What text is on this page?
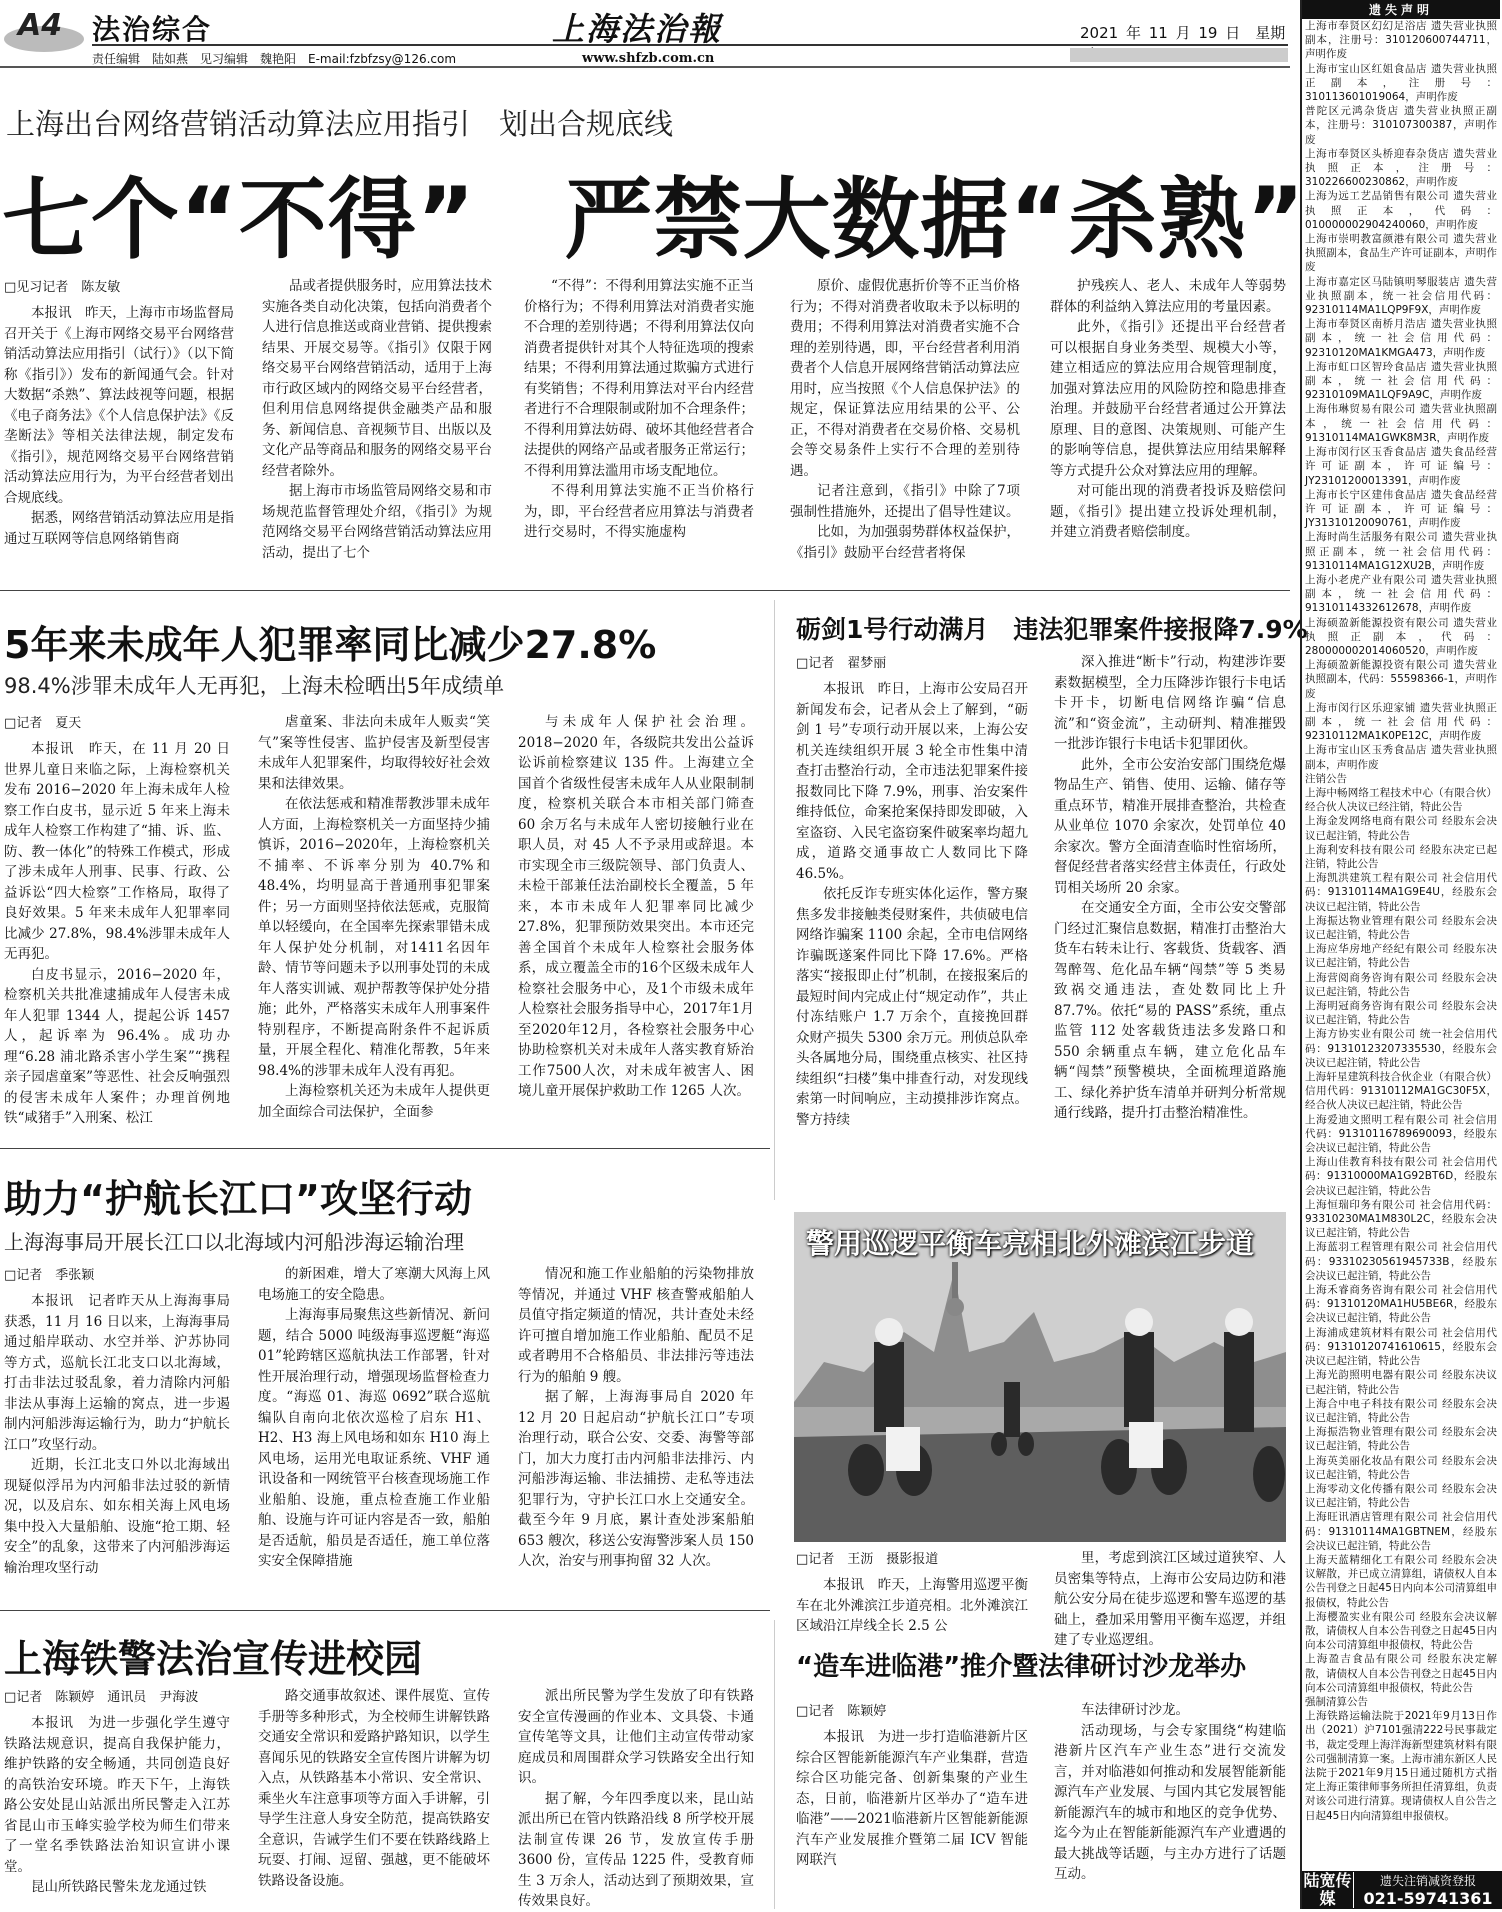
A4 法治综合
责任编辑　陆如燕　见习编辑　魏艳阳　E-mail:fzbfzsy@126.com
上海法治報
www.shfzb.com.cn
2021 年 11 月 19 日　星期
上海出台网络营销活动算法应用指引　划出合规底线
七个“不得”　严禁大数据“杀熟”

□见习记者　陈友敏

本报讯　昨天，上海市市场监督局召开关于《上海市网络交易平台网络营销活动算法应用指引（试行）》（以下简称《指引》）发布的新闻通气会。针对大数据“杀熟”、算法歧视等问题，根据《电子商务法》《个人信息保护法》《反垄断法》等相关法律法规，制定发布《指引》，规范网络交易平台网络营销活动算法应用行为，为平台经营者划出合规底线。

据悉，网络营销活动算法应用是指通过互联网等信息网络销售商

品或者提供服务时，应用算法技术实施各类自动化决策，包括向消费者个人进行信息推送或商业营销、提供搜索结果、开展交易等。《指引》仅限于网络交易平台网络营销活动，适用于上海市行政区域内的网络交易平台经营者，但利用信息网络提供金融类产品和服务、新闻信息、音视频节目、出版以及文化产品等商品和服务的网络交易平台经营者除外。

据上海市市场监管局网络交易和市场规范监督管理处介绍，《指引》为规范网络交易平台网络营销活动算法应用活动，提出了七个

“不得”：不得利用算法实施不正当价格行为；不得利用算法对消费者实施不合理的差别待遇；不得利用算法仅向消费者提供针对其个人特征选项的搜索结果；不得利用算法通过欺骗方式进行有奖销售；不得利用算法对平台内经营者进行不合理限制或附加不合理条件；不得利用算法妨碍、破坏其他经营者合法提供的网络产品或者服务正常运行；不得利用算法滥用市场支配地位。

不得利用算法实施不正当价格行为，即，平台经营者应用算法与消费者进行交易时，不得实施虚构

原价、虚假优惠折价等不正当价格行为；不得对消费者收取未予以标明的费用；不得利用算法对消费者实施不合理的差别待遇，即，平台经营者利用消费者个人信息开展网络营销活动算法应用时，应当按照《个人信息保护法》的规定，保证算法应用结果的公平、公正，不得对消费者在交易价格、交易机会等交易条件上实行不合理的差别待遇。

记者注意到，《指引》中除了7项强制性措施外，还提出了倡导性建议。

比如，为加强弱势群体权益保护，《指引》鼓励平台经营者将保

护残疾人、老人、未成年人等弱势群体的利益纳入算法应用的考量因素。

此外，《指引》还提出平台经营者可以根据自身业务类型、规模大小等，建立相适应的算法应用合规管理制度，加强对算法应用的风险防控和隐患排查治理。并鼓励平台经营者通过公开算法原理、目的意图、决策规则、可能产生的影响等信息，提供算法应用结果解释等方式提升公众对算法应用的理解。

对可能出现的消费者投诉及赔偿问题，《指引》提出建立投诉处理机制，并建立消费者赔偿制度。

5年来未成年人犯罪率同比减少27.8%
98.4%涉罪未成年人无再犯，上海未检晒出5年成绩单

□记者　夏天

本报讯　昨天，在 11 月 20 日世界儿童日来临之际，上海检察机关发布 2016−2020 年上海未成年人检察工作白皮书，显示近 5 年来上海未成年人检察工作构建了“捕、诉、监、防、教一体化”的特殊工作模式，形成了涉未成年人刑事、民事、行政、公益诉讼“四大检察”工作格局，取得了良好效果。5 年来未成年人犯罪率同比减少 27.8%，98.4%涉罪未成年人无再犯。

白皮书显示，2016−2020 年，检察机关共批准逮捕成年人侵害未成年人犯罪 1344 人，提起公诉 1457 人，起诉率为 96.4%。成功办理“6.28 浦北路杀害小学生案”“携程亲子园虐童案”等恶性、社会反响强烈的侵害未成年人案件；办理首例地铁“咸猪手”入刑案、松江

虐童案、非法向未成年人贩卖“笑气”案等性侵害、监护侵害及新型侵害未成年人犯罪案件，均取得较好社会效果和法律效果。

在依法惩戒和精准帮教涉罪未成年人方面，上海检察机关一方面坚持少捕慎诉，2016−2020年，上海检察机关不捕率、不诉率分别为 40.7%和48.4%，均明显高于普通刑事犯罪案件；另一方面则坚持依法惩戒，克服简单以轻缓向，在全国率先探索罪错未成年人保护处分机制，对1411名因年龄、情节等问题未予以刑事处罚的未成年人落实训诫、观护帮教等保护处分措施；此外，严格落实未成年人刑事案件特别程序，不断提高附条件不起诉质量，开展全程化、精准化帮教，5年来 98.4%的涉罪未成年人没有再犯。

上海检察机关还为未成年人提供更加全面综合司法保护，全面参

与未成年人保护社会治理。2018−2020 年，各级院共发出公益诉讼诉前检察建议 135 件。上海建立全国首个省级性侵害未成年人从业限制制度，检察机关联合本市相关部门筛查 60 余万名与未成年人密切接触行业在职人员，对 45 人不予录用或辞退。本市实现全市三级院领导、部门负责人、未检干部兼任法治副校长全覆盖，5 年来，本市未成年人犯罪率同比减少 27.8%，犯罪预防效果突出。本市还完善全国首个未成年人检察社会服务体系，成立覆盖全市的16个区级未成年人检察社会服务中心，及1个市级未成年人检察社会服务指导中心，2017年1月至2020年12月，各检察社会服务中心协助检察机关对未成年人落实教育矫治工作7500人次，对未成年被害人、困境儿童开展保护救助工作 1265 人次。

砺剑1号行动满月　违法犯罪案件接报降7.9%

□记者　翟梦丽

本报讯　昨日，上海市公安局召开新闻发布会，记者从会上了解到，“砺剑 1 号”专项行动开展以来，上海公安机关连续组织开展 3 轮全市性集中清查打击整治行动，全市违法犯罪案件接报数同比下降 7.9%，刑事、治安案件维持低位，命案抢案保持即发即破，入室盗窃、入民宅盗窃案件破案率均超九成，道路交通事故亡人数同比下降 46.5%。

依托反诈专班实体化运作，警方聚焦多发非接触类侵财案件，共侦破电信网络诈骗案 1100 余起，全市电信网络诈骗既遂案件同比下降 17.6%。严格落实“接报即止付”机制，在接报案后的最短时间内完成止付“规定动作”，共止付冻结账户 1.7 万余个，直接挽回群众财产损失 5300 余万元。刑侦总队牵头各属地分局，围绕重点核实、社区持续组织“扫楼”集中排查行动，对发现线索第一时间响应，主动摸排涉诈窝点。警方持续

深入推进“断卡”行动，构建涉诈要素数据模型，全力压降涉诈银行卡电话卡开卡，切断电信网络诈骗“信息流”和“资金流”，主动研判、精准摧毁一批涉诈银行卡电话卡犯罪团伙。

此外，全市公安治安部门围绕危爆物品生产、销售、使用、运输、储存等重点环节，精准开展排查整治，共检查从业单位 1070 余家次，处罚单位 40 余家次。警方全面清查临时性宿场所，督促经营者落实经营主体责任，行政处罚相关场所 20 余家。

在交通安全方面，全市公安交警部门经过汇聚信息数据，精准打击整治大货车右转未让行、客载货、货载客、酒驾醉驾、危化品车辆“闯禁”等 5 类易致祸交通违法，查处数同比上升 87.7%。依托“易的 PASS”系统，重点监管 112 处客载货违法多发路口和 550 余辆重点车辆，建立危化品车辆“闯禁”预警模块，全面梳理道路施工、绿化养护货车清单并研判分析常规通行线路，提升打击整治精准性。

助力“护航长江口”攻坚行动
上海海事局开展长江口以北海域内河船涉海运输治理

□记者　季张颖

本报讯　记者昨天从上海海事局获悉，11 月 16 日以来，上海海事局通过船岸联动、水空并举、沪苏协同等方式，巡航长江北支口以北海域，打击非法过驳乱象，着力清除内河船非法从事海上运输的窝点，进一步遏制内河船涉海运输行为，助力“护航长江口”攻坚行动。

近期，长江北支口外以北海域出现疑似浮吊为内河船非法过驳的新情况，以及启东、如东相关海上风电场集中投入大量船舶、设施“抢工期、轻安全”的乱象，这带来了内河船涉海运输治理攻坚行动

的新困难，增大了寒潮大风海上风电场施工的安全隐患。

上海海事局聚焦这些新情况、新问题，结合 5000 吨级海事巡逻艇“海巡 01”轮跨辖区巡航执法工作部署，针对性开展治理行动，增强现场监督检查力度。“海巡 01、海巡 0692”联合巡航编队自南向北依次巡检了启东 H1、H2、H3 海上风电场和如东 H10 海上风电场，运用光电取证系统、VHF 通讯设备和一网统管平台核查现场施工作业船舶、设施，重点检查施工作业船舶、设施与许可证内容是否一致，船舶是否适航，船员是否适任，施工单位落实安全保障措施

情况和施工作业船舶的污染物排放等情况，并通过 VHF 核查警戒船舶人员值守指定频道的情况，共计查处未经许可擅自增加施工作业船舶、配员不足或者聘用不合格船员、非法排污等违法行为的船舶 9 艘。

据了解，上海海事局自 2020 年 12 月 20 日起启动“护航长江口”专项治理行动，联合公安、交委、海警等部门，加大力度打击内河船非法排污、内河船涉海运输、非法捕捞、走私等违法犯罪行为，守护长江口水上交通安全。截至今年 9 月底，累计查处涉案船舶 653 艘次，移送公安海警涉案人员 150 人次，治安与刑事拘留 32 人次。

警用巡逻平衡车亮相北外滩滨江步道

□记者　王沥　摄影报道

本报讯　昨天，上海警用巡逻平衡车在北外滩滨江步道亮相。北外滩滨江区域沿江岸线全长 2.5 公

里，考虑到滨江区域过道狭窄、人员密集等特点，上海市公安局边防和港航公安分局在徒步巡逻和警车巡逻的基础上，叠加采用警用平衡车巡逻，并组建了专业巡逻组。

上海铁警法治宣传进校园

□记者　陈颖婷　通讯员　尹海波

本报讯　为进一步强化学生遵守铁路法规意识，提高自我保护能力，维护铁路的安全畅通，共同创造良好的高铁治安环境。昨天下午，上海铁路公安处昆山站派出所民警走入江苏省昆山市玉峰实验学校为师生们带来了一堂名季铁路法治知识宣讲小课堂。

昆山所铁路民警朱龙龙通过铁

路交通事故叙述、课件展览、宣传手册等多种形式，为全校师生讲解铁路交通安全常识和爱路护路知识，以学生喜闻乐见的铁路安全宣传图片讲解为切入点，从铁路基本小常识、安全常识、乘坐火车注意事项等方面入手讲解，引导学生注意人身安全防范，提高铁路安全意识，告诫学生们不要在铁路线路上玩耍、打闹、逗留、强越，更不能破坏铁路设备设施。

派出所民警为学生发放了印有铁路安全宣传漫画的作业本、文具袋、卡通宣传笔等文具，让他们主动宣传带动家庭成员和周围群众学习铁路安全出行知识。

据了解，今年四季度以来，昆山站派出所已在管内铁路沿线 8 所学校开展法制宣传课 26 节，发放宣传手册 3600 份，宣传品 1225 件，受教育师生 3 万余人，活动达到了预期效果，宣传效果良好。

“造车进临港”推介暨法律研讨沙龙举办

□记者　陈颖婷

本报讯　为进一步打造临港新片区综合区智能新能源汽车产业集群，营造综合区功能完备、创新集聚的产业生态，日前，临港新片区举办了“造车进临港”——2021临港新片区智能新能源汽车产业发展推介暨第二届 ICV 智能网联汽

车法律研讨沙龙。

活动现场，与会专家围绕“构建临港新片区汽车产业生态”进行交流发言，并对临港如何推动和发展智能新能源汽车产业发展、与国内其它发展智能新能源汽车的城市和地区的竞争优势、迄今为止在智能新能源汽车产业遭遇的最大挑战等话题，与主办方进行了话题互动。

遗失声明
上海市奉贤区幻幻足浴店 遗失营业执照副本，注册号：310120600744711，声明作废
上海市宝山区红姐食品店 遗失营业执照正副本，注册号：310113601019064，声明作废
普陀区元鸿杂货店 遗失营业执照正副本，注册号：310107300387，声明作废
上海市奉贤区头桥迎春杂货店 遗失营业执照正本，注册号：310226600230862，声明作废
上海为远工艺品销售有限公司 遗失营业执照正本，代码：010000002904240060，声明作废
上海市崇明教富颜港有限公司 遗失营业执照副本，食品生产许可证副本，声明作废
上海市嘉定区马陆镇明琴服装店 遗失营业执照副本，统一社会信用代码：92310114MA1LQP9F9X，声明作废
上海市奉贤区南桥月浩店 遗失营业执照副本，统一社会信用代码：92310120MA1KMGA473，声明作废
上海市虹口区智玲食品店 遗失营业执照副本，统一社会信用代码：92310109MA1LQF9A9C，声明作废
上海伟琳贸易有限公司 遗失营业执照副本，统一社会信用代码：91310114MA1GWK8M3R，声明作废
上海市闵行区玉香食品店 遗失食品经营许可证副本，许可证编号：JY23101200013391，声明作废
上海市长宁区建伟食品店 遗失食品经营许可证副本，许可证编号：JY31310120090761，声明作废
上海时尚生活服务有限公司 遗失营业执照正副本，统一社会信用代码：91310114MA1G12XU2B，声明作废
上海小老虎产业有限公司 遗失营业执照副本，统一社会信用代码：91310114332612678，声明作废
上海硕盈新能源投资有限公司 遗失营业执照正副本，代码：280000002014060520，声明作废
上海硕盈新能源投资有限公司 遗失营业执照副本，代码：55598366-1，声明作废
上海市闵行区乐迎家铺 遗失营业执照正副本，统一社会信用代码：92310112MA1K0PE12C，声明作废
上海市宝山区玉秀食品店 遗失营业执照副本，声明作废
注销公告
上海中畅网络工程技术中心（有限合伙）经合伙人决议已经注销，特此公告
上海金发网络电商有限公司 经股东会决议已起注销，特此公告
上海利安科技有限公司 经股东决定已起注销，特此公告
上海凯洪建筑工程有限公司 社会信用代码：91310114MA1G9E4U，经股东会决议已起注销，特此公告
上海振达物业管理有限公司 经股东会决议已起注销，特此公告
上海应华房地产经纪有限公司 经股东决议已起注销，特此公告
上海营阅商务咨询有限公司 经股东会决议已起注销，特此公告
上海明冠商务咨询有限公司 经股东会决议已起注销，特此公告
上海方协实业有限公司 统一社会信用代码：91310123207335530，经股东会决议已起注销，特此公告
上海轩星建筑科技合伙企业（有限合伙）信用代码：91310112MA1GC30F5X，经合伙人决议已起注销，特此公告
上海爱迪文照明工程有限公司 社会信用代码：91310116789690093，经股东会决议已起注销，特此公告
上海山佳教育科技有限公司 社会信用代码：91310000MA1G92BT6D，经股东会决议已起注销，特此公告
上海恒瑞印务有限公司 社会信用代码：93310230MA1M830L2C，经股东会决议已起注销，特此公告
上海蓝羽工程管理有限公司 社会信用代码：93310230561945733B，经股东会决议已起注销，特此公告
上海禾睿商务咨询有限公司 社会信用代码：91310120MA1HU5BE6R，经股东会决议已起注销，特此公告
上海浦成建筑材料有限公司 社会信用代码：91310120741610615，经股东会决议已起注销，特此公告
上海光韵照明电器有限公司 经股东决议已起注销，特此公告
上海合中电子科技有限公司 经股东会决议已起注销，特此公告
上海振浩物业管理有限公司 经股东会决议已起注销，特此公告
上海英美丽化妆品有限公司 经股东会决议已起注销，特此公告
上海零动文化传播有限公司 经股东会决议已起注销，特此公告
上海旺讯酒店管理有限公司 社会信用代码：91310114MA1GBTNEM，经股东会决议已起注销，特此公告
上海天蓝精细化工有限公司 经股东会决议解散，并已成立清算组，请债权人自本公告刊登之日起45日内向本公司清算组申报债权，特此公告
上海樱盈实业有限公司 经股东会决议解散，请债权人自本公告刊登之日起45日内向本公司清算组申报债权，特此公告
上海盈吉食品有限公司 经股东决定解散，请债权人自本公告刊登之日起45日内向本公司清算组申报债权，特此公告
强制清算公告
上海铁路运输法院于2021年9月13日作出（2021）沪7101强清222号民事裁定书，裁定受理上海洋海新型建筑材料有限公司强制清算一案。上海市浦东新区人民法院于2021年9月15日通过随机方式指定上海正策律师事务所担任清算组，负责对该公司进行清算。现请债权人自公告之日起45日内向清算组申报债权。
陆宽传媒
遗失注销减资登报
021-59741361
